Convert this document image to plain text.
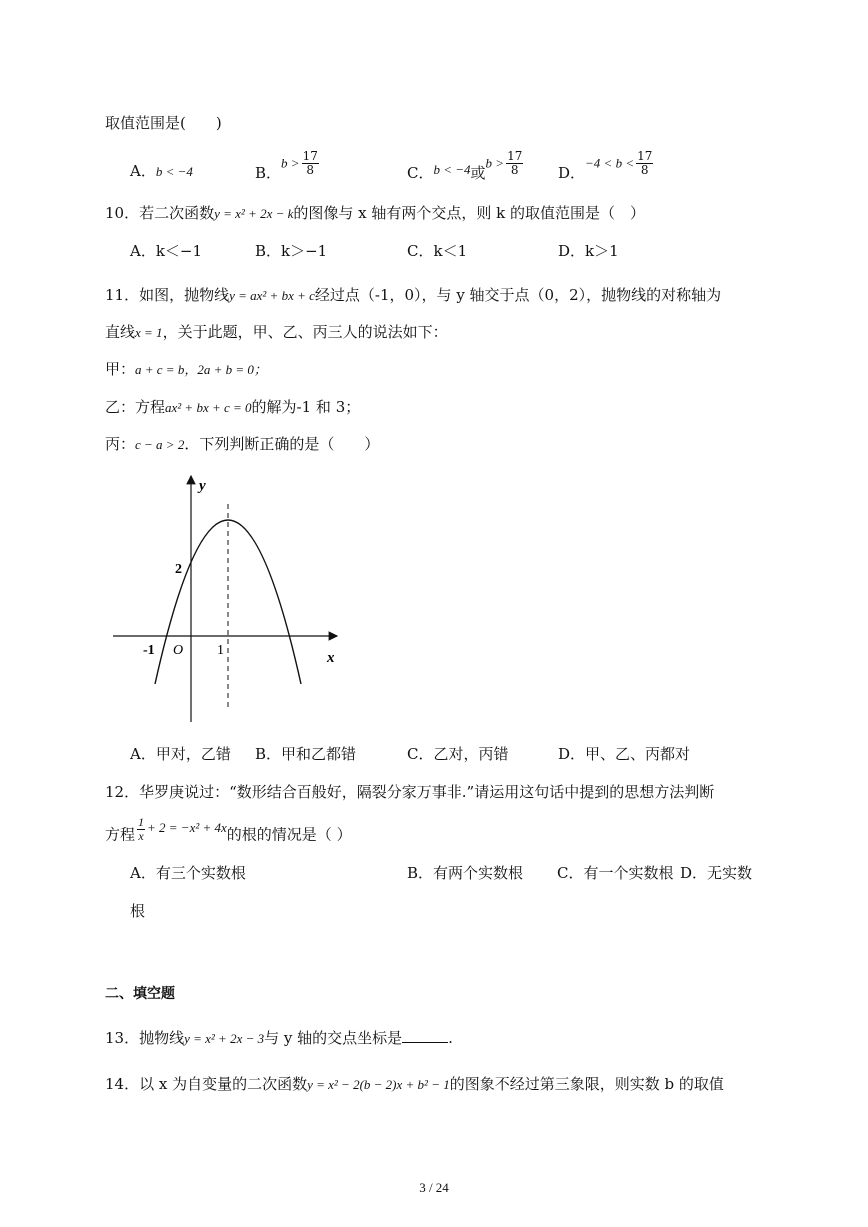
取值范围是(　　)
A．b < −4	B．$b > \frac{17}{8}$	C．b < −4或$b > \frac{17}{8}$ D．$-4 < b < \frac{17}{8}$
10．若二次函数y = x² + 2x − k的图像与 x 轴有两个交点，则 k 的取值范围是（　）
A．k＜−1	B．k＞−1	C．k＜1	D．k＞1
11．如图，抛物线y = ax² + bx + c经过点（-1，0），与 y 轴交于点（0，2），抛物线的对称轴为
直线x = 1，关于此题，甲、乙、丙三人的说法如下：
甲：a + c = b，2a + b = 0；
乙：方程ax² + bx + c = 0的解为-1 和 3；
丙：c − a > 2．下列判断正确的是（　　）
y
x
O
-1	1
2
A．甲对，乙错 B．甲和乙都错	C．乙对，丙错	D．甲、乙、丙都对
12．华罗庚说过：“数形结合百般好，隔裂分家万事非.”请运用这句话中提到的思想方法判断
方程 $\frac{1}{x} + 2 = -x^2 + 4x$的根的情况是（ ）
A．有三个实数根	B．有两个实数根 C．有一个实数根 D．无实数
根
二、填空题
13．抛物线y = x² + 2x − 3与 y 轴的交点坐标是	.
14．以 x 为自变量的二次函数y = x² − 2(b − 2)x + b² − 1的图象不经过第三象限，则实数 b 的取值
3 / 24
